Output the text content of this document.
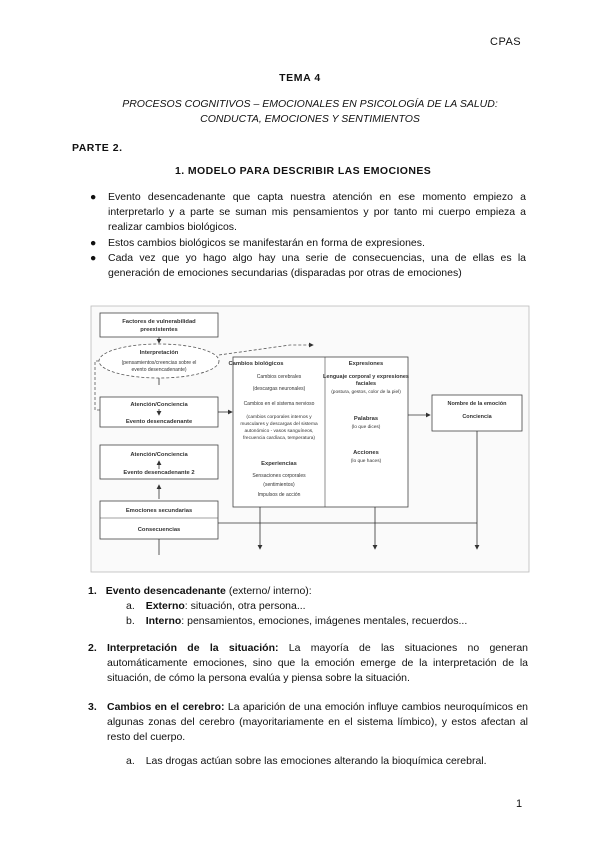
CPAS
TEMA 4
PROCESOS COGNITIVOS – EMOCIONALES EN PSICOLOGÍA DE LA SALUD:
CONDUCTA, EMOCIONES Y SENTIMIENTOS
PARTE 2.
1. MODELO PARA DESCRIBIR LAS EMOCIONES
● Evento desencadenante que capta nuestra atención en ese momento empiezo a interpretarlo y a parte se suman mis pensamientos y por tanto mi cuerpo empieza a realizar cambios biológicos.
● Estos cambios biológicos se manifestarán en forma de expresiones.
● Cada vez que yo hago algo hay una serie de consecuencias, una de ellas es la generación de emociones secundarias (disparadas por otras de emociones)
Factores de vulnerabilidad
preexistentes
Interpretación
(pensamientos/creencias sobre el
evento desencadenante)
Atención/Conciencia
Evento desencadenante
Atención/Conciencia
Evento desencadenante 2
Emociones secundarias
Consecuencias
Cambios biológicos
Cambios cerebrales
(descargas neuronales)
Cambios en el sistema nervioso
(cambios corporales internos y
musculares y descargas del sistema
autonómico - vasos sanguíneos,
frecuencia cardíaca, temperatura)
Experiencias
Sensaciones corporales
(sentimientos)
Impulsos de acción
Expresiones
Lenguaje corporal y expresiones
faciales
(postura, gestos, color de la piel)
Palabras
(lo que dices)
Acciones
(lo que haces)
Nombre de la emoción
Conciencia
1. Evento desencadenante (externo/ interno):
a. Externo: situación, otra persona...
b. Interno: pensamientos, emociones, imágenes mentales, recuerdos...
2. Interpretación de la situación: La mayoría de las situaciones no generan automáticamente emociones, sino que la emoción emerge de la interpretación de la situación, de cómo la persona evalúa y piensa sobre la situación.
3. Cambios en el cerebro: La aparición de una emoción influye cambios neuroquímicos en algunas zonas del cerebro (mayoritariamente en el sistema límbico), y estos afectan al resto del cuerpo.
a. Las drogas actúan sobre las emociones alterando la bioquímica cerebral.
1
